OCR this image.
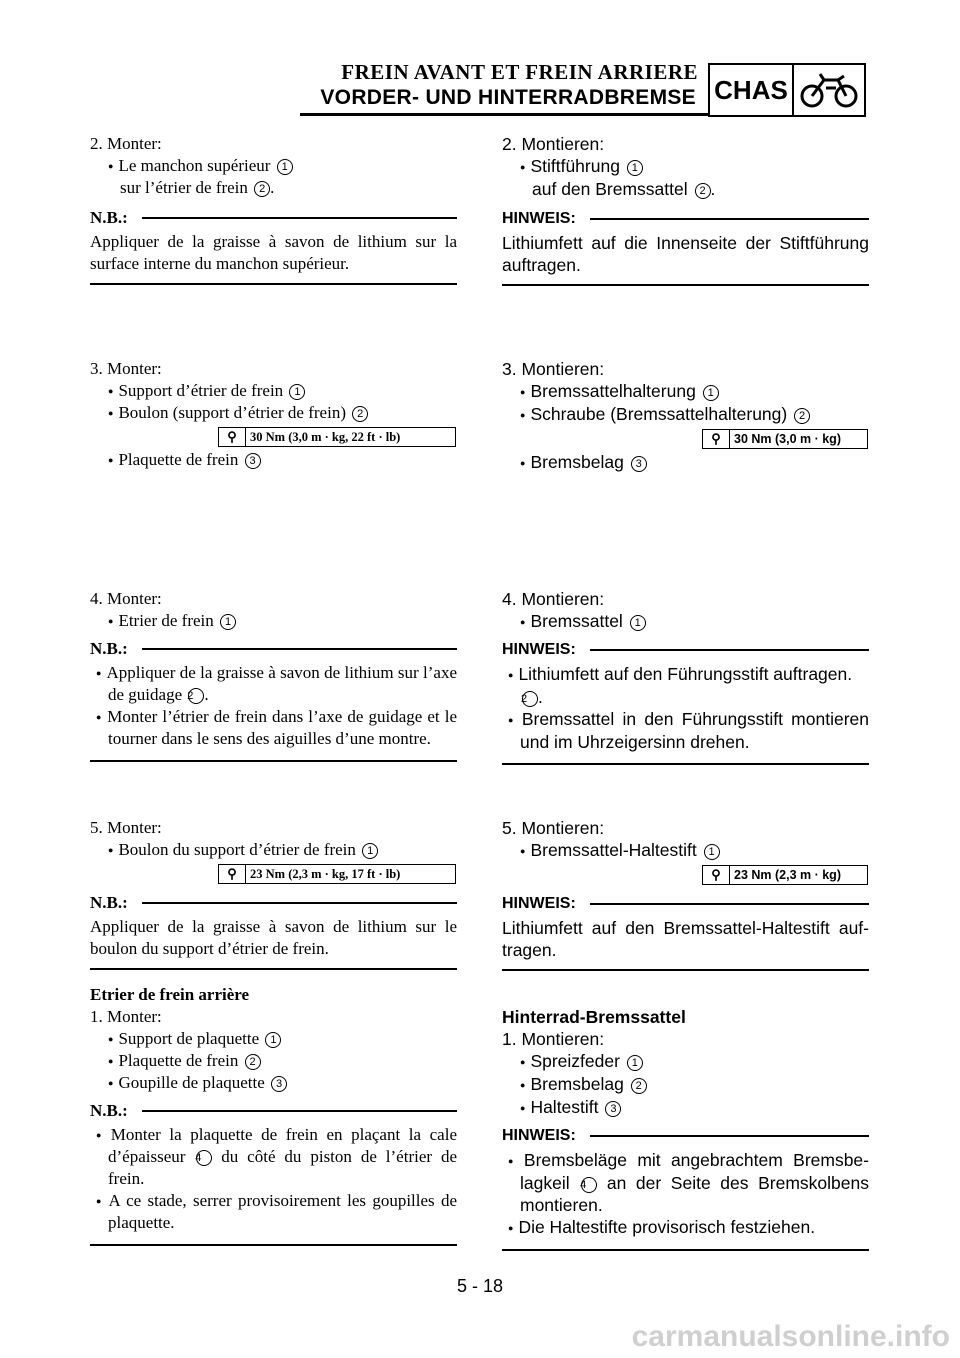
FREIN AVANT ET FREIN ARRIERE
VORDER- UND HINTERRADBREMSE CHAS
2. Monter:
● Le manchon supérieur 1
sur l’étrier de frein 2 .
N.B.:
Appliquer de la graisse à savon de lithium sur la surface interne du manchon supérieur.
3. Monter:
● Support d’étrier de frein 1
● Boulon (support d’étrier de frein) 2
⚲	30 Nm (3,0 m · kg, 22 ft · lb)
● Plaquette de frein 3
4. Monter:
● Etrier de frein 1
N.B.:
● Appliquer de la graisse à savon de lithium sur l’axe de guidage 2 .
● Monter l’étrier de frein dans l’axe de guidage et le tourner dans le sens des aiguilles d’une montre.
5. Monter:
● Boulon du support d’étrier de frein 1
⚲	23 Nm (2,3 m · kg, 17 ft · lb)
N.B.:
Appliquer de la graisse à savon de lithium sur le boulon du support d’étrier de frein.
Etrier de frein arrière
1. Monter:
● Support de plaquette 1
● Plaquette de frein 2
● Goupille de plaquette 3
N.B.:
● Monter la plaquette de frein en plaçant la cale d’épaisseur 4 du côté du piston de l’étrier de frein.
● A ce stade, serrer provisoirement les goupilles de plaquette.
2. Montieren:
● Stiftführung 1
auf den Bremssattel 2 .
HINWEIS:
Lithiumfett auf die Innenseite der Stiftführung auftragen.
3. Montieren:
● Bremssattelhalterung 1
● Schraube (Bremssattelhalterung) 2
⚲	30 Nm (3,0 m · kg)
● Bremsbelag 3
4. Montieren:
● Bremssattel 1
HINWEIS:
● Lithiumfett auf den Führungsstift auftragen.
2 .
● Bremssattel in den Führungsstift montieren und im Uhrzeigersinn drehen.
5. Montieren:
● Bremssattel-Haltestift 1
⚲	23 Nm (2,3 m · kg)
HINWEIS:
Lithiumfett auf den Bremssattel-Haltestift auf-tragen.
Hinterrad-Bremssattel
1. Montieren:
● Spreizfeder 1
● Bremsbelag 2
● Haltestift 3
HINWEIS:
● Bremsbeläge mit angebrachtem Bremsbe-lagkeil 4 an der Seite des Bremskolbens montieren.
● Die Haltestifte provisorisch festziehen.
5 - 18
carmanualsonline.info
